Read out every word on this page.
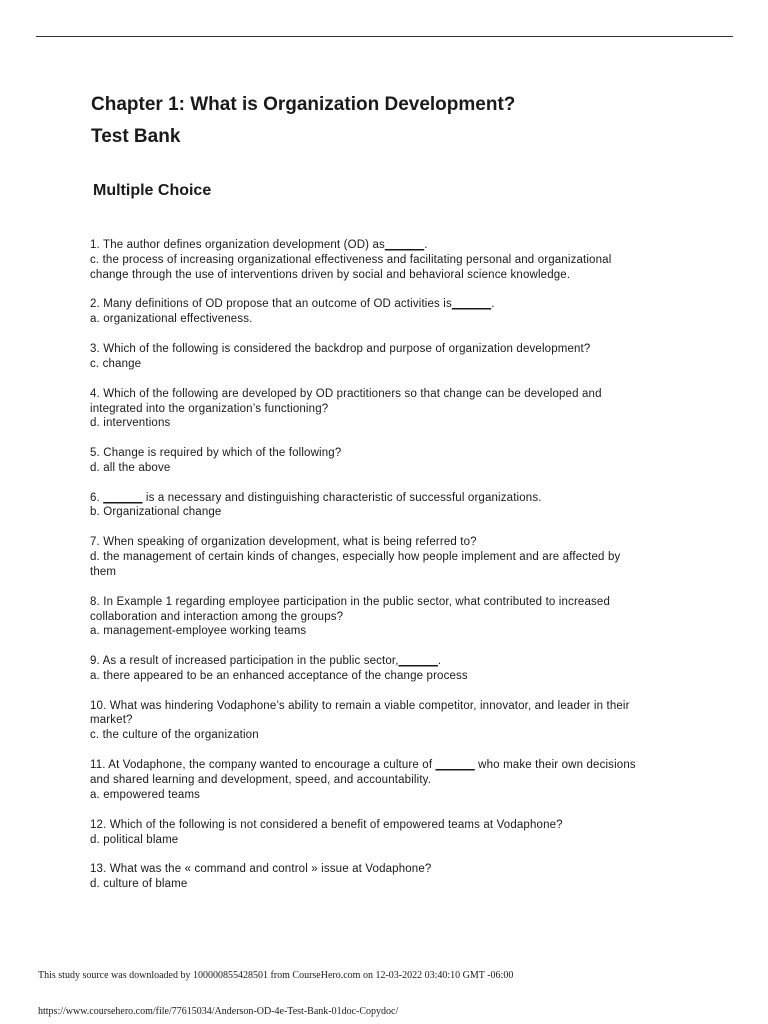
Chapter 1: What is Organization Development?
Test Bank
Multiple Choice

1. The author defines organization development (OD) as______.

c. the process of increasing organizational effectiveness and facilitating personal and organizational

change through the use of interventions driven by social and behavioral science knowledge.

2. Many definitions of OD propose that an outcome of OD activities is______.

a. organizational effectiveness.

3. Which of the following is considered the backdrop and purpose of organization development?

c. change

4. Which of the following are developed by OD practitioners so that change can be developed and

integrated into the organization’s functioning?

d. interventions

5. Change is required by which of the following?

d. all the above

6. ______ is a necessary and distinguishing characteristic of successful organizations.

b. Organizational change

7. When speaking of organization development, what is being referred to?

d. the management of certain kinds of changes, especially how people implement and are affected by

them

8. In Example 1 regarding employee participation in the public sector, what contributed to increased

collaboration and interaction among the groups?

a. management-employee working teams

9. As a result of increased participation in the public sector,______.

a. there appeared to be an enhanced acceptance of the change process

10. What was hindering Vodaphone’s ability to remain a viable competitor, innovator, and leader in their

market?

c. the culture of the organization

11. At Vodaphone, the company wanted to encourage a culture of ______ who make their own decisions

and shared learning and development, speed, and accountability.

a. empowered teams

12. Which of the following is not considered a benefit of empowered teams at Vodaphone?

d. political blame

13. What was the « command and control » issue at Vodaphone?

d. culture of blame

This study source was downloaded by 100000855428501 from CourseHero.com on 12-03-2022 03:40:10 GMT -06:00

https://www.coursehero.com/file/77615034/Anderson-OD-4e-Test-Bank-01doc-Copydoc/
